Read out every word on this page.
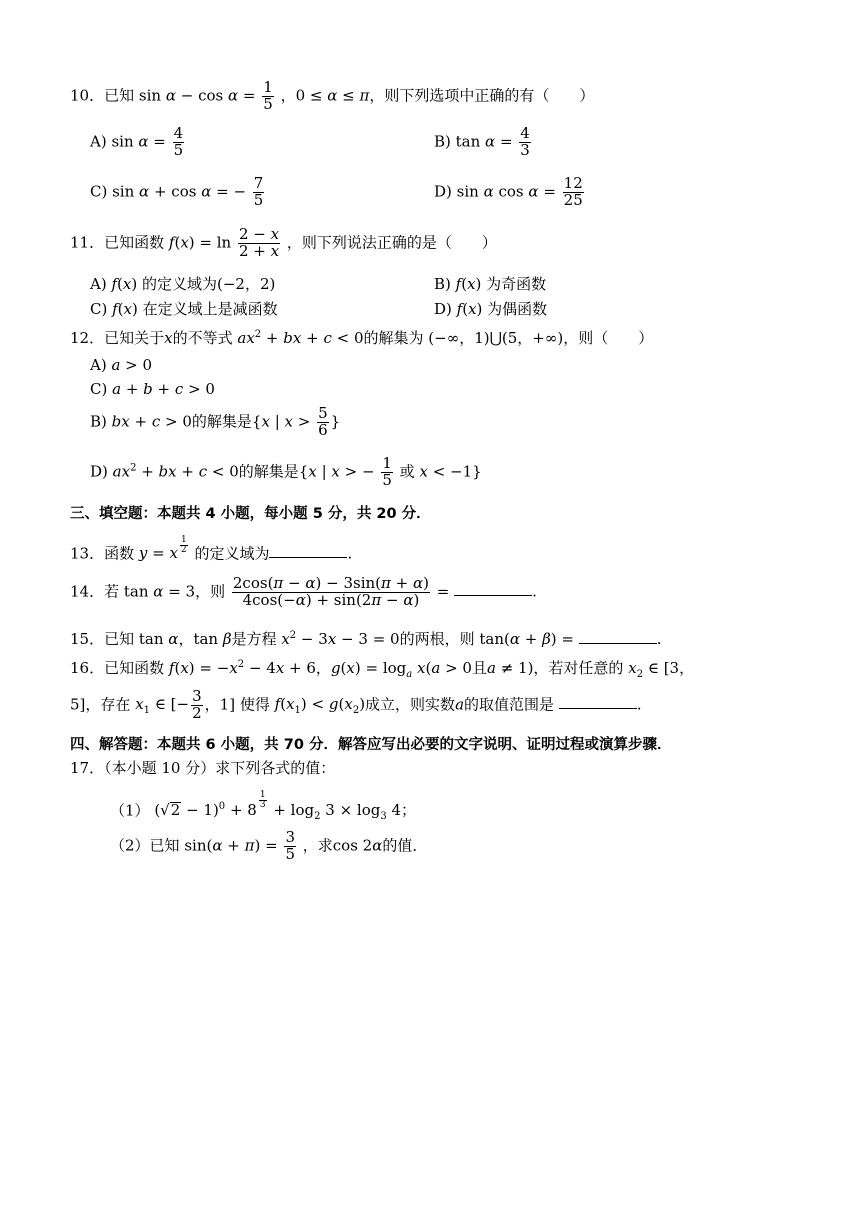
10．已知 $\sin \alpha - \cos \alpha = \frac{1}{5}$ ，0 ≤ α ≤ π，则下列选项中正确的有（　　）
A) $\sin \alpha = \frac{4}{5}$	B) $\tan \alpha = \frac{4}{3}$
C) sin α + cos α = − $\frac{7}{5}$	D) sin α $\cos \alpha = \frac{12}{25}$
11．已知函数 $f(x) = \ln \frac{2 - x}{2 + x}$ ，则下列说法正确的是（　　）
A) f(x) 的定义域为(−2，2)	B) f(x) 为奇函数
C) f(x) 在定义域上是减函数	D) f(x) 为偶函数
12．已知关于x的不等式 $ax^2$ + bx + c < 0的解集为 (−∞，1)⋃(5，+∞)，则（　　）
A) a > 0
C) a + b + c > 0
B) bx + c > 0的解集是{x | $x > \frac{5}{6}$ }
D) $ax^2$ + bx + c < 0的解集是{x | x > − $\frac{1}{5}$ 或 x < −1}
三、填空题：本题共 4 小题，每小题 5 分，共 20 分．
13．函数 y = x $^{\frac{1}{2}}$ 的定义域为	.
14．若 tan α = 3，则 $\frac{2\cos(\pi - \alpha) - 3\sin(\pi + \alpha)}{4\cos(-\alpha) + \sin(2\pi - \alpha)}$ =	.
15．已知 tan α，tan β是方程 $x^2 - 3x - 3 = 0$的两根，则 tan(α + β) =	.
16．已知函数 $f(x) = -x^2 - 4x + 6$，$g(x) = \log_a x(a > 0$且a ≠ 1)，若对任意的 $x_2$ ∈ [3，
5]，存在 $x_1$ ∈ [− $\frac{3}{2}$ ，1] 使得 $f(x_1) < g(x_2)$成立，则实数a的取值范围是	.
四、解答题：本题共 6 小题，共 70 分．解答应写出必要的文字说明、证明过程或演算步骤．
17．（本小题 10 分）求下列各式的值：
（1） $(√2 - 1)^0 + 8$ $^{\frac{1}{3}} + \log_2 3 \times \log_3 4$；
（2）已知 $\sin(\alpha + \pi) = \frac{3}{5}$ ，求cos 2α的值．
